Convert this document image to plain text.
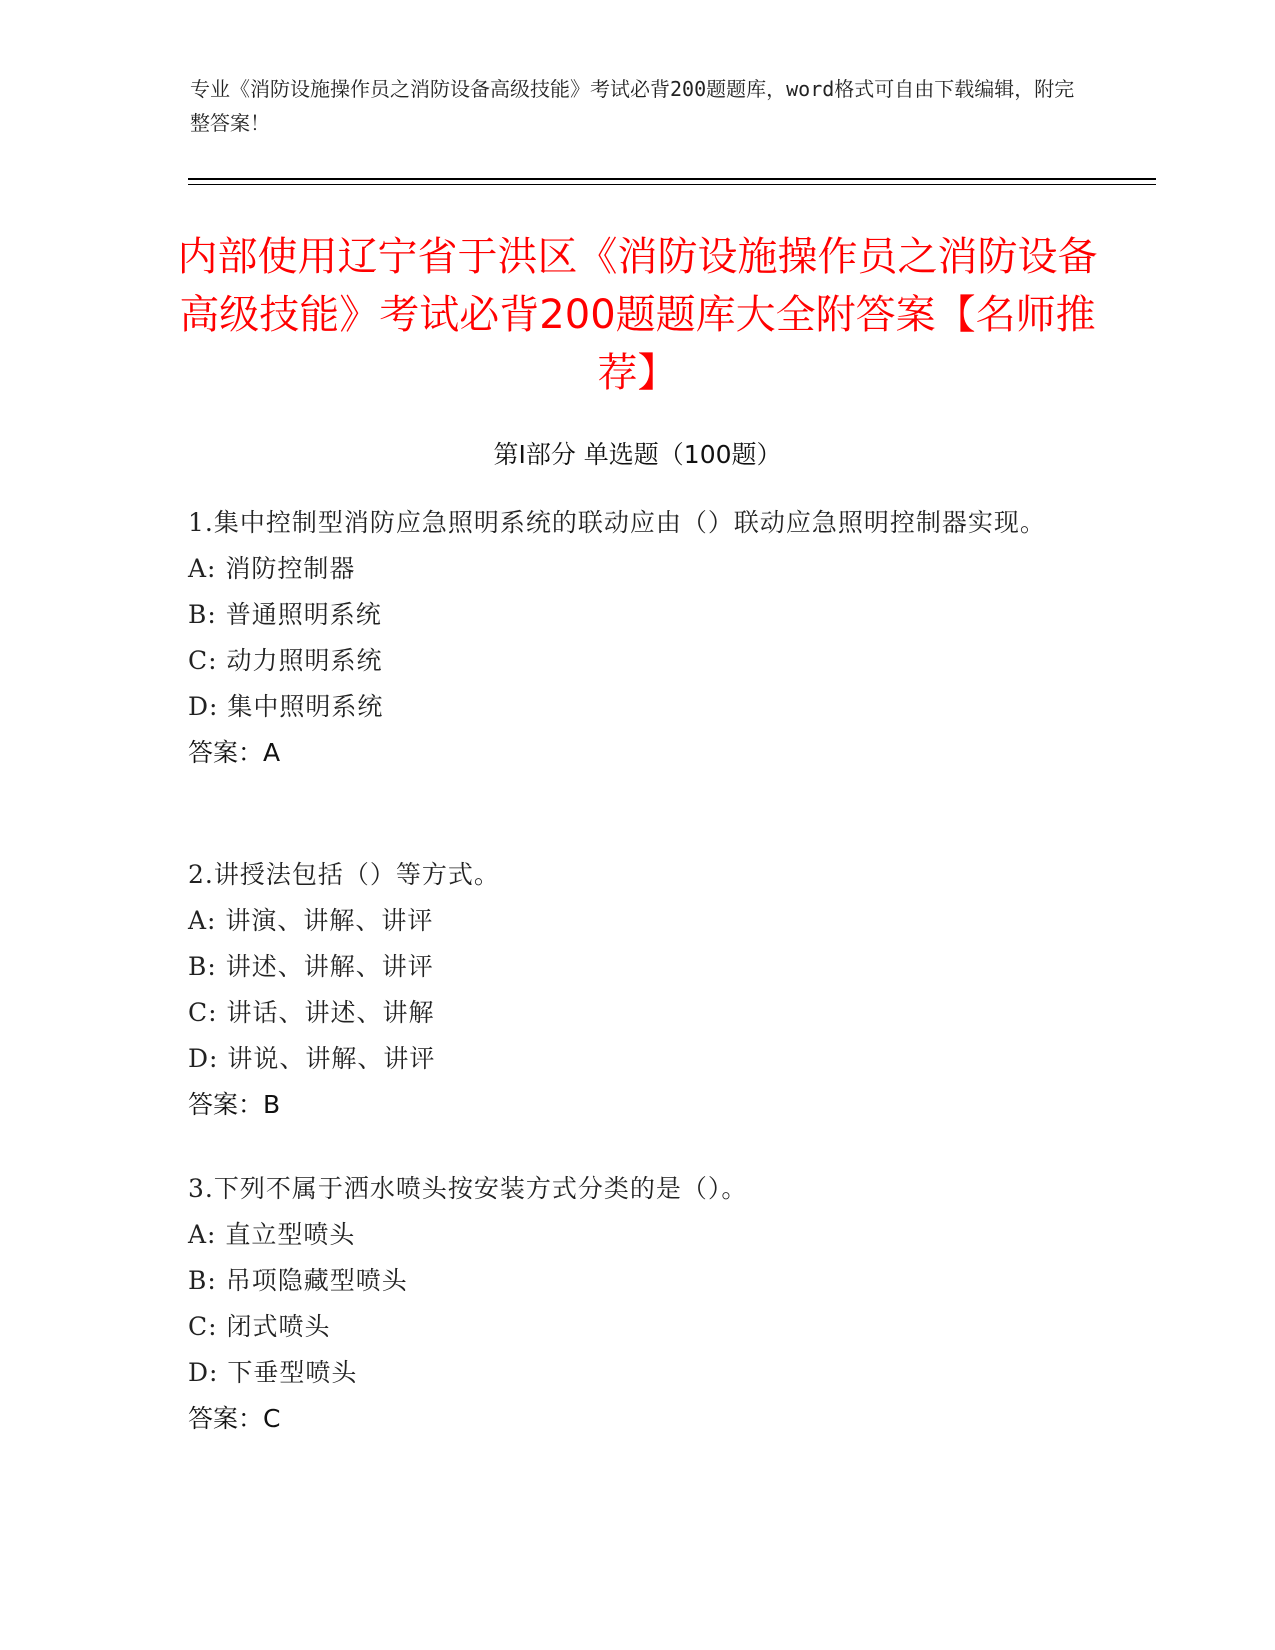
专业《消防设施操作员之消防设备高级技能》考试必背200题题库，word格式可自由下载编辑，附完整答案！
内部使用辽宁省于洪区《消防设施操作员之消防设备高级技能》考试必背200题题库大全附答案【名师推荐】
第I部分 单选题（100题）
1.集中控制型消防应急照明系统的联动应由（）联动应急照明控制器实现。
A: 消防控制器
B: 普通照明系统
C: 动力照明系统
D: 集中照明系统
答案：A
2.讲授法包括（）等方式。
A: 讲演、讲解、讲评
B: 讲述、讲解、讲评
C: 讲话、讲述、讲解
D: 讲说、讲解、讲评
答案：B
3.下列不属于洒水喷头按安装方式分类的是（）。
A: 直立型喷头
B: 吊项隐藏型喷头
C: 闭式喷头
D: 下垂型喷头
答案：C
